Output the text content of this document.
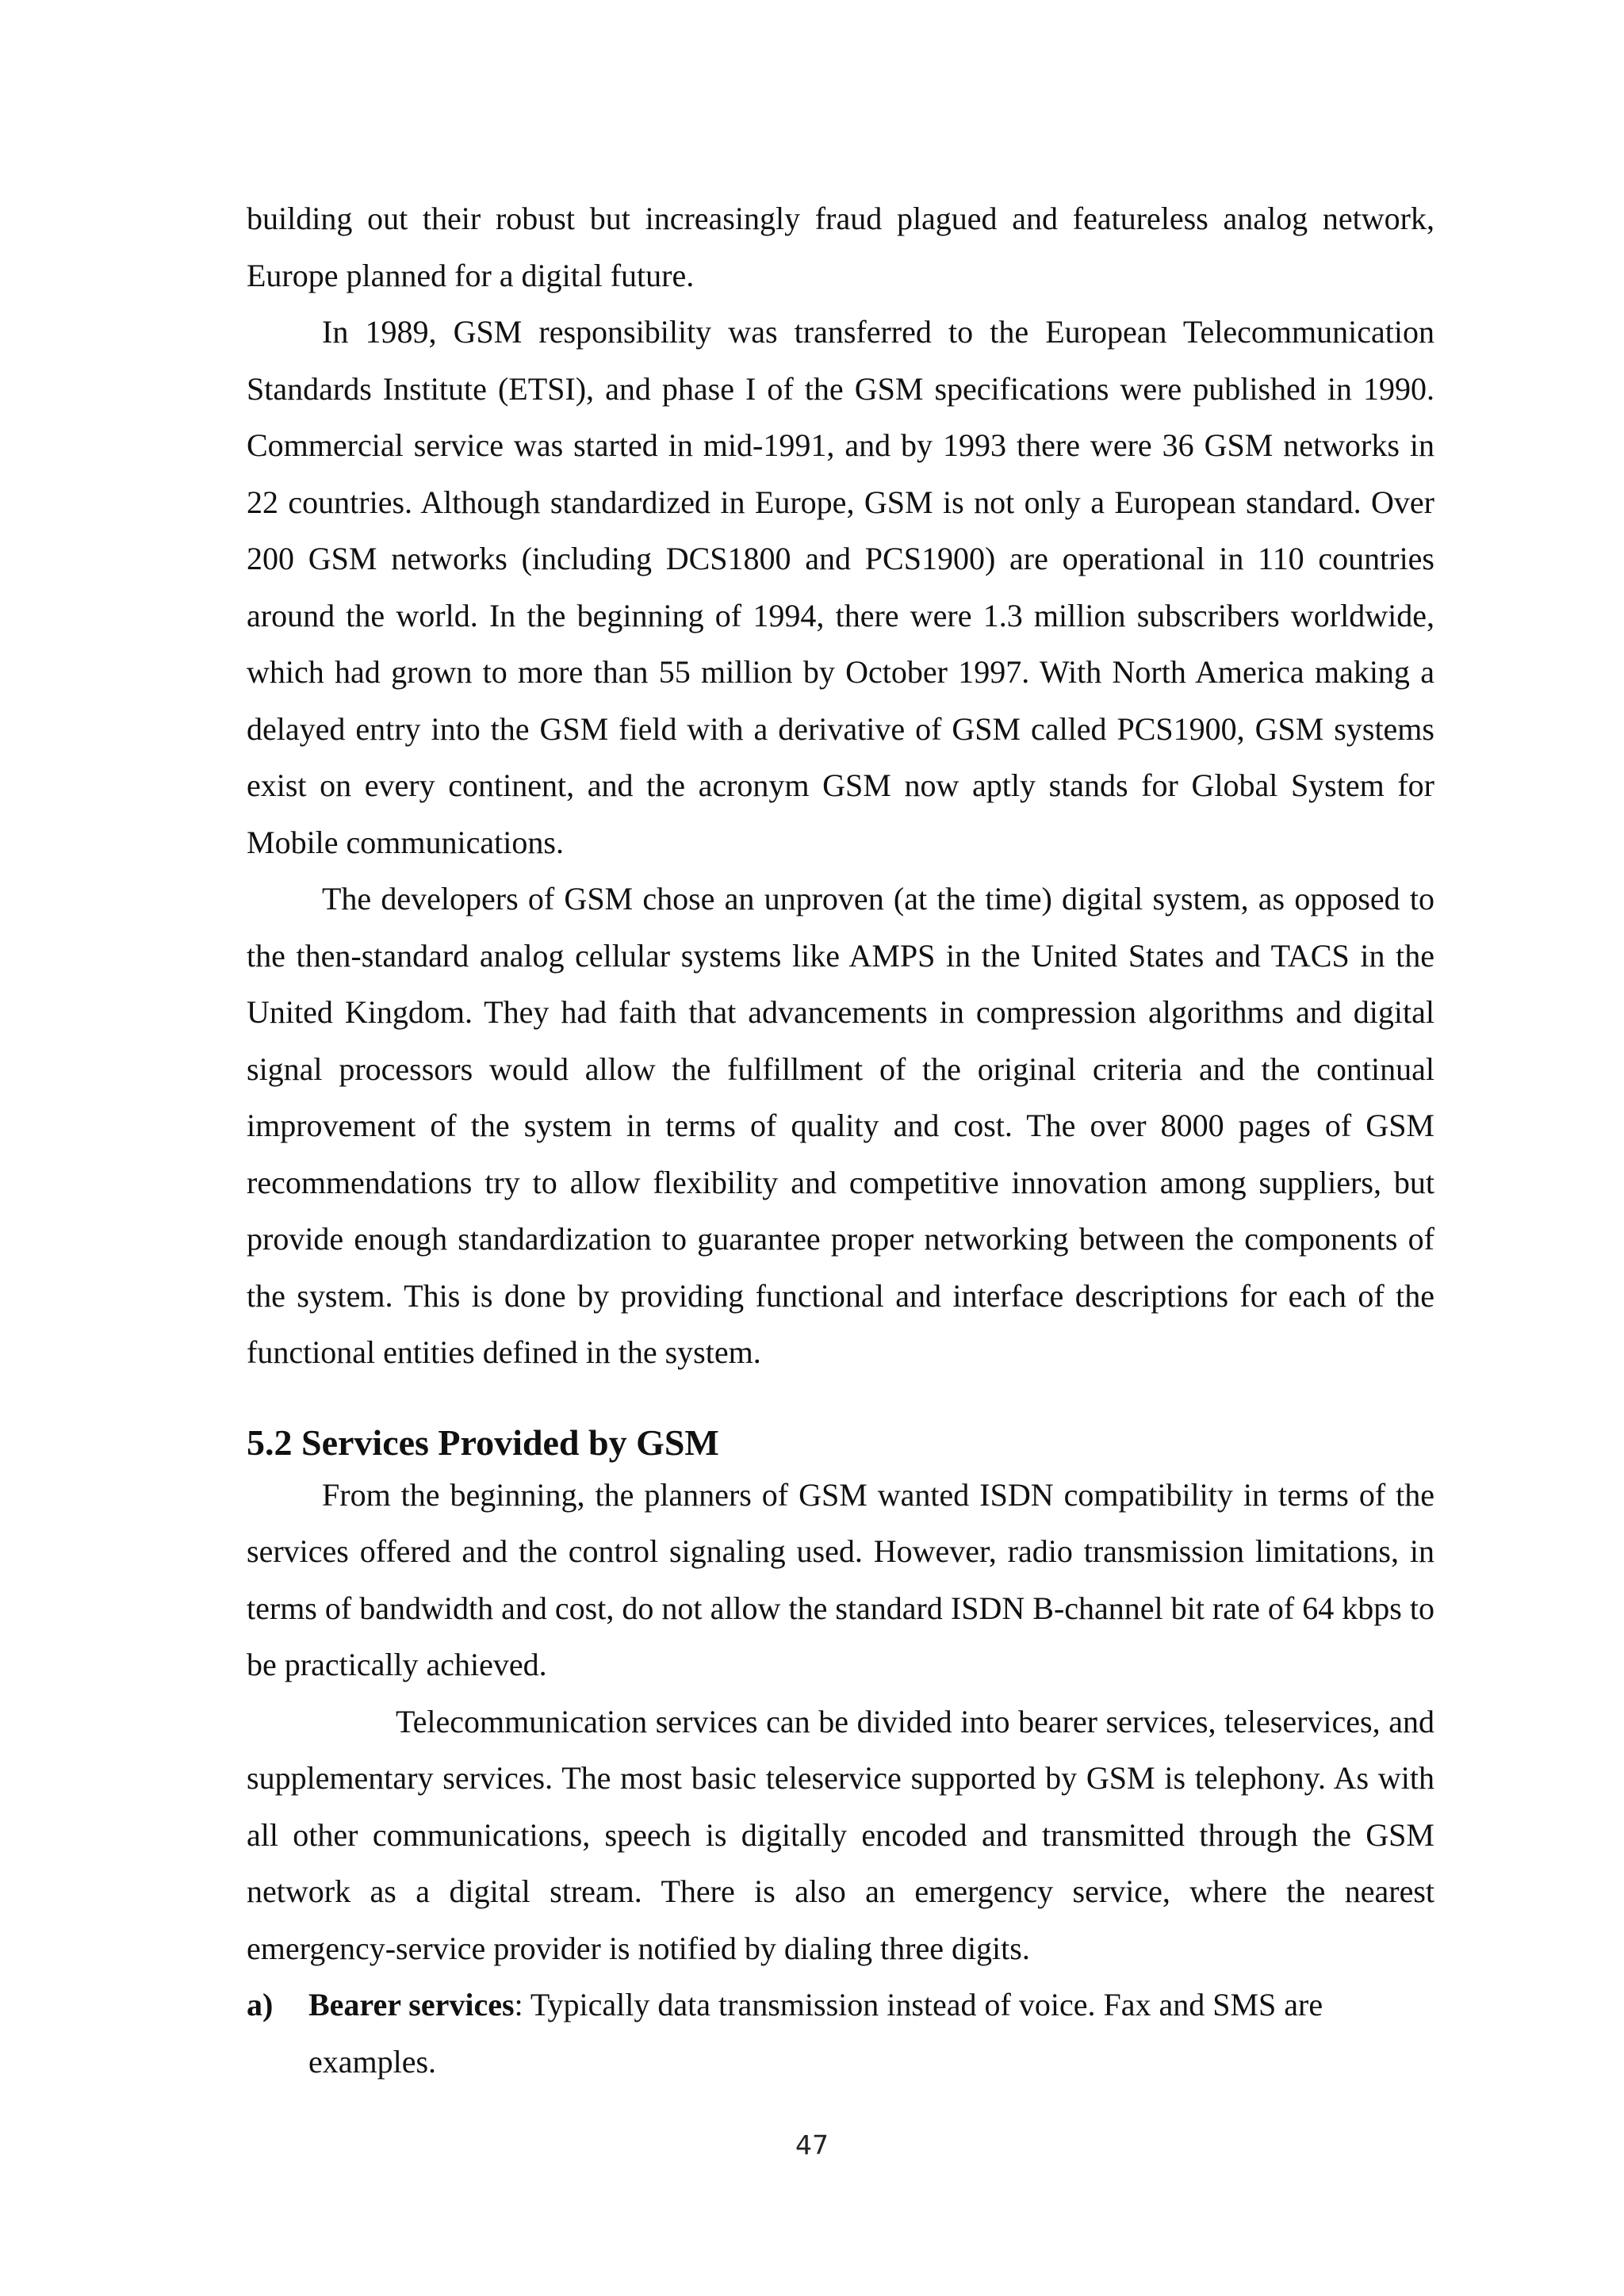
building out their robust but increasingly fraud plagued and featureless analog network, Europe planned for a digital future.

In 1989, GSM responsibility was transferred to the European Telecommunication Standards Institute (ETSI), and phase I of the GSM specifications were published in 1990. Commercial service was started in mid-1991, and by 1993 there were 36 GSM networks in 22 countries. Although standardized in Europe, GSM is not only a European standard. Over 200 GSM networks (including DCS1800 and PCS1900) are operational in 110 countries around the world. In the beginning of 1994, there were 1.3 million subscribers worldwide, which had grown to more than 55 million by October 1997. With North America making a delayed entry into the GSM field with a derivative of GSM called PCS1900, GSM systems exist on every continent, and the acronym GSM now aptly stands for Global System for Mobile communications.

The developers of GSM chose an unproven (at the time) digital system, as opposed to the then-standard analog cellular systems like AMPS in the United States and TACS in the United Kingdom. They had faith that advancements in compression algorithms and digital signal processors would allow the fulfillment of the original criteria and the continual improvement of the system in terms of quality and cost. The over 8000 pages of GSM recommendations try to allow flexibility and competitive innovation among suppliers, but provide enough standardization to guarantee proper networking between the components of the system. This is done by providing functional and interface descriptions for each of the functional entities defined in the system.

5.2 Services Provided by GSM

From the beginning, the planners of GSM wanted ISDN compatibility in terms of the services offered and the control signaling used. However, radio transmission limitations, in terms of bandwidth and cost, do not allow the standard ISDN B-channel bit rate of 64 kbps to be practically achieved.

Telecommunication services can be divided into bearer services, teleservices, and supplementary services. The most basic teleservice supported by GSM is telephony. As with all other communications, speech is digitally encoded and transmitted through the GSM network as a digital stream. There is also an emergency service, where the nearest emergency-service provider is notified by dialing three digits.

a)	Bearer services: Typically data transmission instead of voice. Fax and SMS are examples.
47
